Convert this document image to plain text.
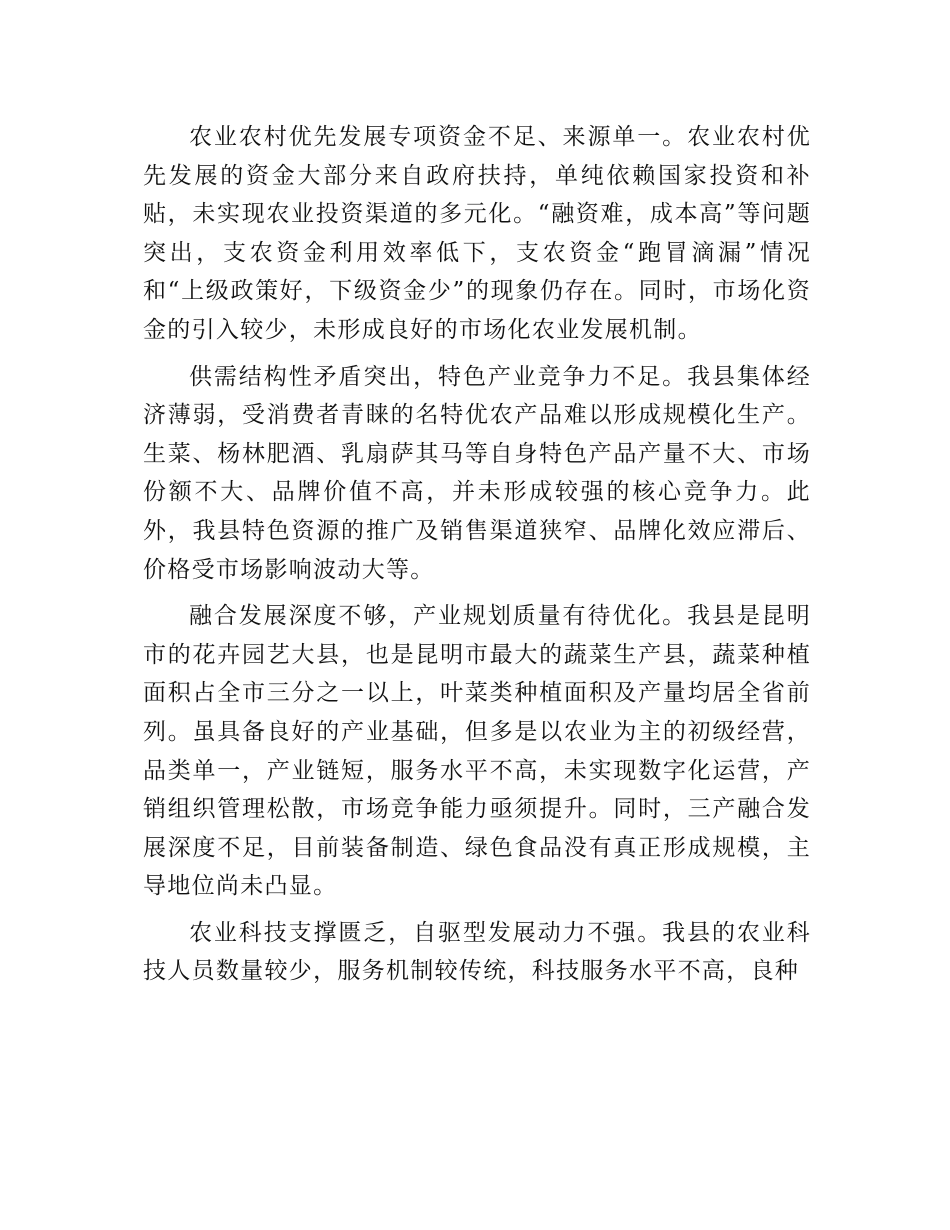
农业农村优先发展专项资金不足、来源单一。农业农村优先发展的资金大部分来自政府扶持，单纯依赖国家投资和补贴，未实现农业投资渠道的多元化。“融资难，成本高”等问题突出，支农资金利用效率低下，支农资金“跑冒滴漏”情况和“上级政策好，下级资金少”的现象仍存在。同时，市场化资金的引入较少，未形成良好的市场化农业发展机制。

供需结构性矛盾突出，特色产业竞争力不足。我县集体经济薄弱，受消费者青睐的名特优农产品难以形成规模化生产。生菜、杨林肥酒、乳扇萨其马等自身特色产品产量不大、市场份额不大、品牌价值不高，并未形成较强的核心竞争力。此外，我县特色资源的推广及销售渠道狭窄、品牌化效应滞后、价格受市场影响波动大等。

融合发展深度不够，产业规划质量有待优化。我县是昆明市的花卉园艺大县，也是昆明市最大的蔬菜生产县，蔬菜种植面积占全市三分之一以上，叶菜类种植面积及产量均居全省前列。虽具备良好的产业基础，但多是以农业为主的初级经营，品类单一，产业链短，服务水平不高，未实现数字化运营，产销组织管理松散，市场竞争能力亟须提升。同时，三产融合发展深度不足，目前装备制造、绿色食品没有真正形成规模，主导地位尚未凸显。

农业科技支撑匮乏，自驱型发展动力不强。我县的农业科技人员数量较少，服务机制较传统，科技服务水平不高，良种
